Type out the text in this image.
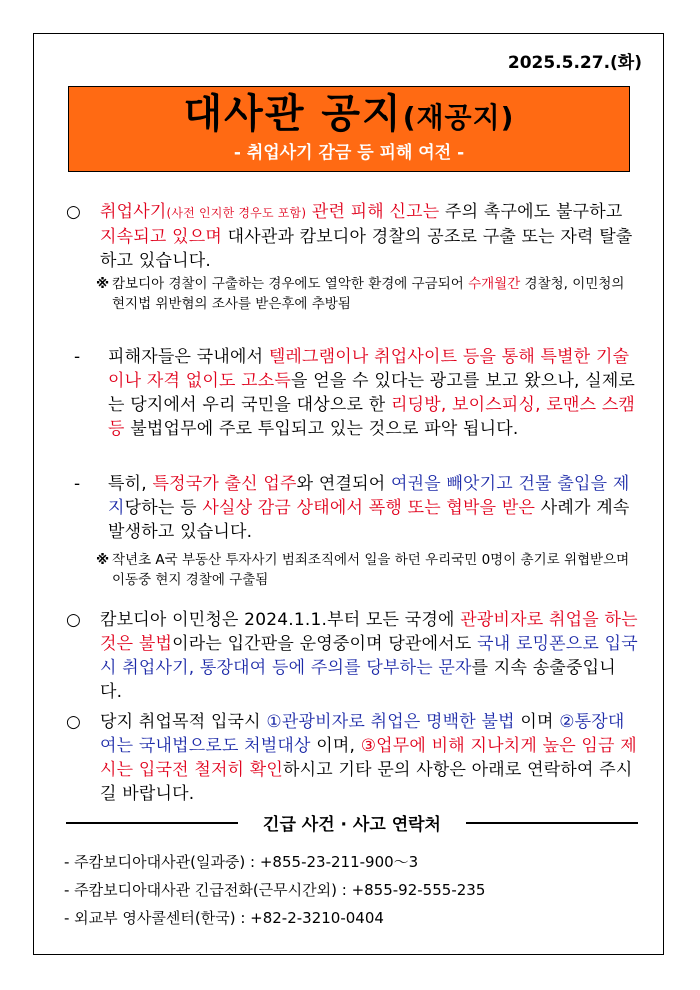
2025.5.27.(화)
대사관 공지(재공지)
- 취업사기 감금 등 피해 여전 -
○ 취업사기(사전 인지한 경우도 포함) 관련 피해 신고는 주의 촉구에도 불구하고 지속되고 있으며 대사관과 캄보디아 경찰의 공조로 구출 또는 자력 탈출하고 있습니다.
※ 캄보디아 경찰이 구출하는 경우에도 열악한 환경에 구금되어 수개월간 경찰청, 이민청의 현지법 위반혐의 조사를 받은후에 추방됨
- 피해자들은 국내에서 텔레그램이나 취업사이트 등을 통해 특별한 기술이나 자격 없이도 고소득을 얻을 수 있다는 광고를 보고 왔으나, 실제로는 당지에서 우리 국민을 대상으로 한 리딩방, 보이스피싱, 로맨스 스캠 등 불법업무에 주로 투입되고 있는 것으로 파악 됩니다.
- 특히, 특정국가 출신 업주와 연결되어 여권을 빼앗기고 건물 출입을 제지당하는 등 사실상 감금 상태에서 폭행 또는 협박을 받은 사례가 계속 발생하고 있습니다.
※ 작년초 A국 부동산 투자사기 범죄조직에서 일을 하던 우리국민 0명이 총기로 위협받으며 이동중 현지 경찰에 구출됨
○ 캄보디아 이민청은 2024.1.1.부터 모든 국경에 관광비자로 취업을 하는 것은 불법이라는 입간판을 운영중이며 당관에서도 국내 로밍폰으로 입국시 취업사기, 통장대여 등에 주의를 당부하는 문자를 지속 송출중입니다.
○ 당지 취업목적 입국시 ①관광비자로 취업은 명백한 불법 이며 ②통장대여는 국내법으로도 처벌대상 이며, ③업무에 비해 지나치게 높은 임금 제시는 입국전 철저히 확인하시고 기타 문의 사항은 아래로 연락하여 주시길 바랍니다.
긴급 사건 · 사고 연락처
- 주캄보디아대사관(일과중) : +855-23-211-900～3
- 주캄보디아대사관 긴급전화(근무시간외) : +855-92-555-235
- 외교부 영사콜센터(한국) : +82-2-3210-0404
